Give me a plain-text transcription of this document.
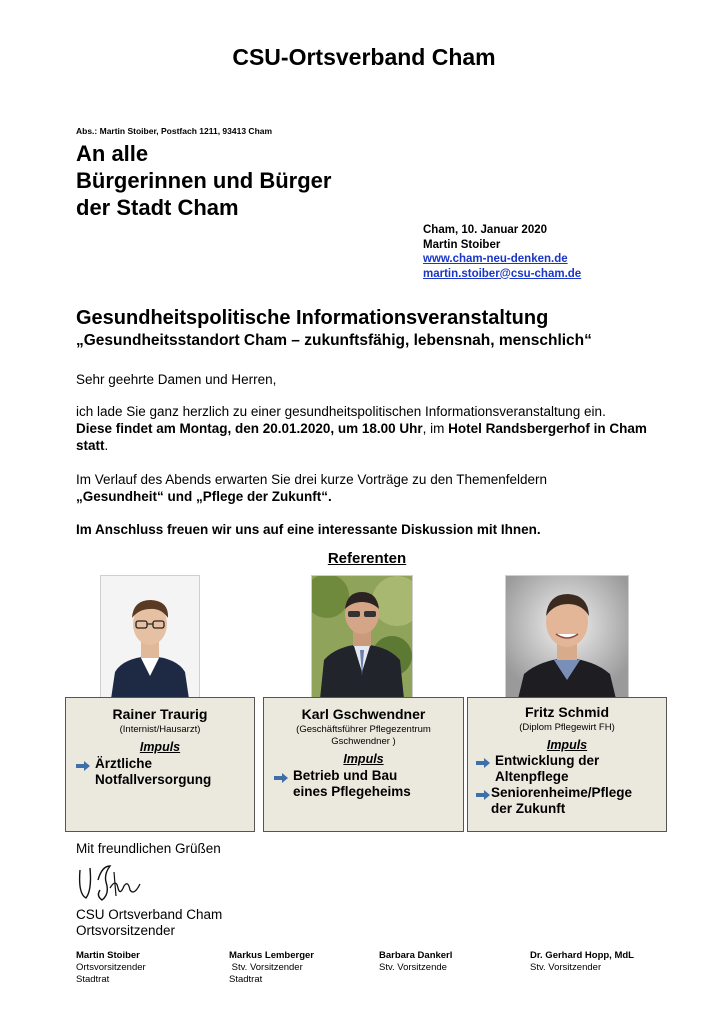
CSU-Ortsverband Cham
Abs.: Martin Stoiber, Postfach 1211, 93413 Cham
An alle
Bürgerinnen und Bürger
der Stadt Cham
Cham, 10. Januar 2020
Martin Stoiber
www.cham-neu-denken.de
martin.stoiber@csu-cham.de
Gesundheitspolitische Informationsveranstaltung
„Gesundheitsstandort Cham – zukunftsfähig, lebensnah, menschlich“
Sehr geehrte Damen und Herren,
ich lade Sie ganz herzlich zu einer gesundheitspolitischen Informationsveranstaltung ein.
Diese findet am Montag, den 20.01.2020, um 18.00 Uhr, im Hotel Randsbergerhof in Cham statt.
Im Verlauf des Abends erwarten Sie drei kurze Vorträge zu den Themenfeldern
„Gesundheit“ und „Pflege der Zukunft“.
Im Anschluss freuen wir uns auf eine interessante Diskussion mit Ihnen.
Referenten
Rainer Traurig
(Internist/Hausarzt)
Impuls
Ärztliche Notfallversorgung
Karl Gschwendner
(Geschäftsführer Pflegezentrum Gschwendner )
Impuls
Betrieb und Bau eines Pflegeheims
Fritz Schmid
(Diplom Pflegewirt FH)
Impuls
Entwicklung der Altenpflege
Seniorenheime/Pflege der Zukunft
Mit freundlichen Grüßen
CSU Ortsverband Cham
Ortsvorsitzender
Martin Stoiber
Ortsvorsitzender
Stadtrat
Markus Lemberger
Stv. Vorsitzender
Stadtrat
Barbara Dankerl
Stv. Vorsitzende
Dr. Gerhard Hopp, MdL
Stv. Vorsitzender
